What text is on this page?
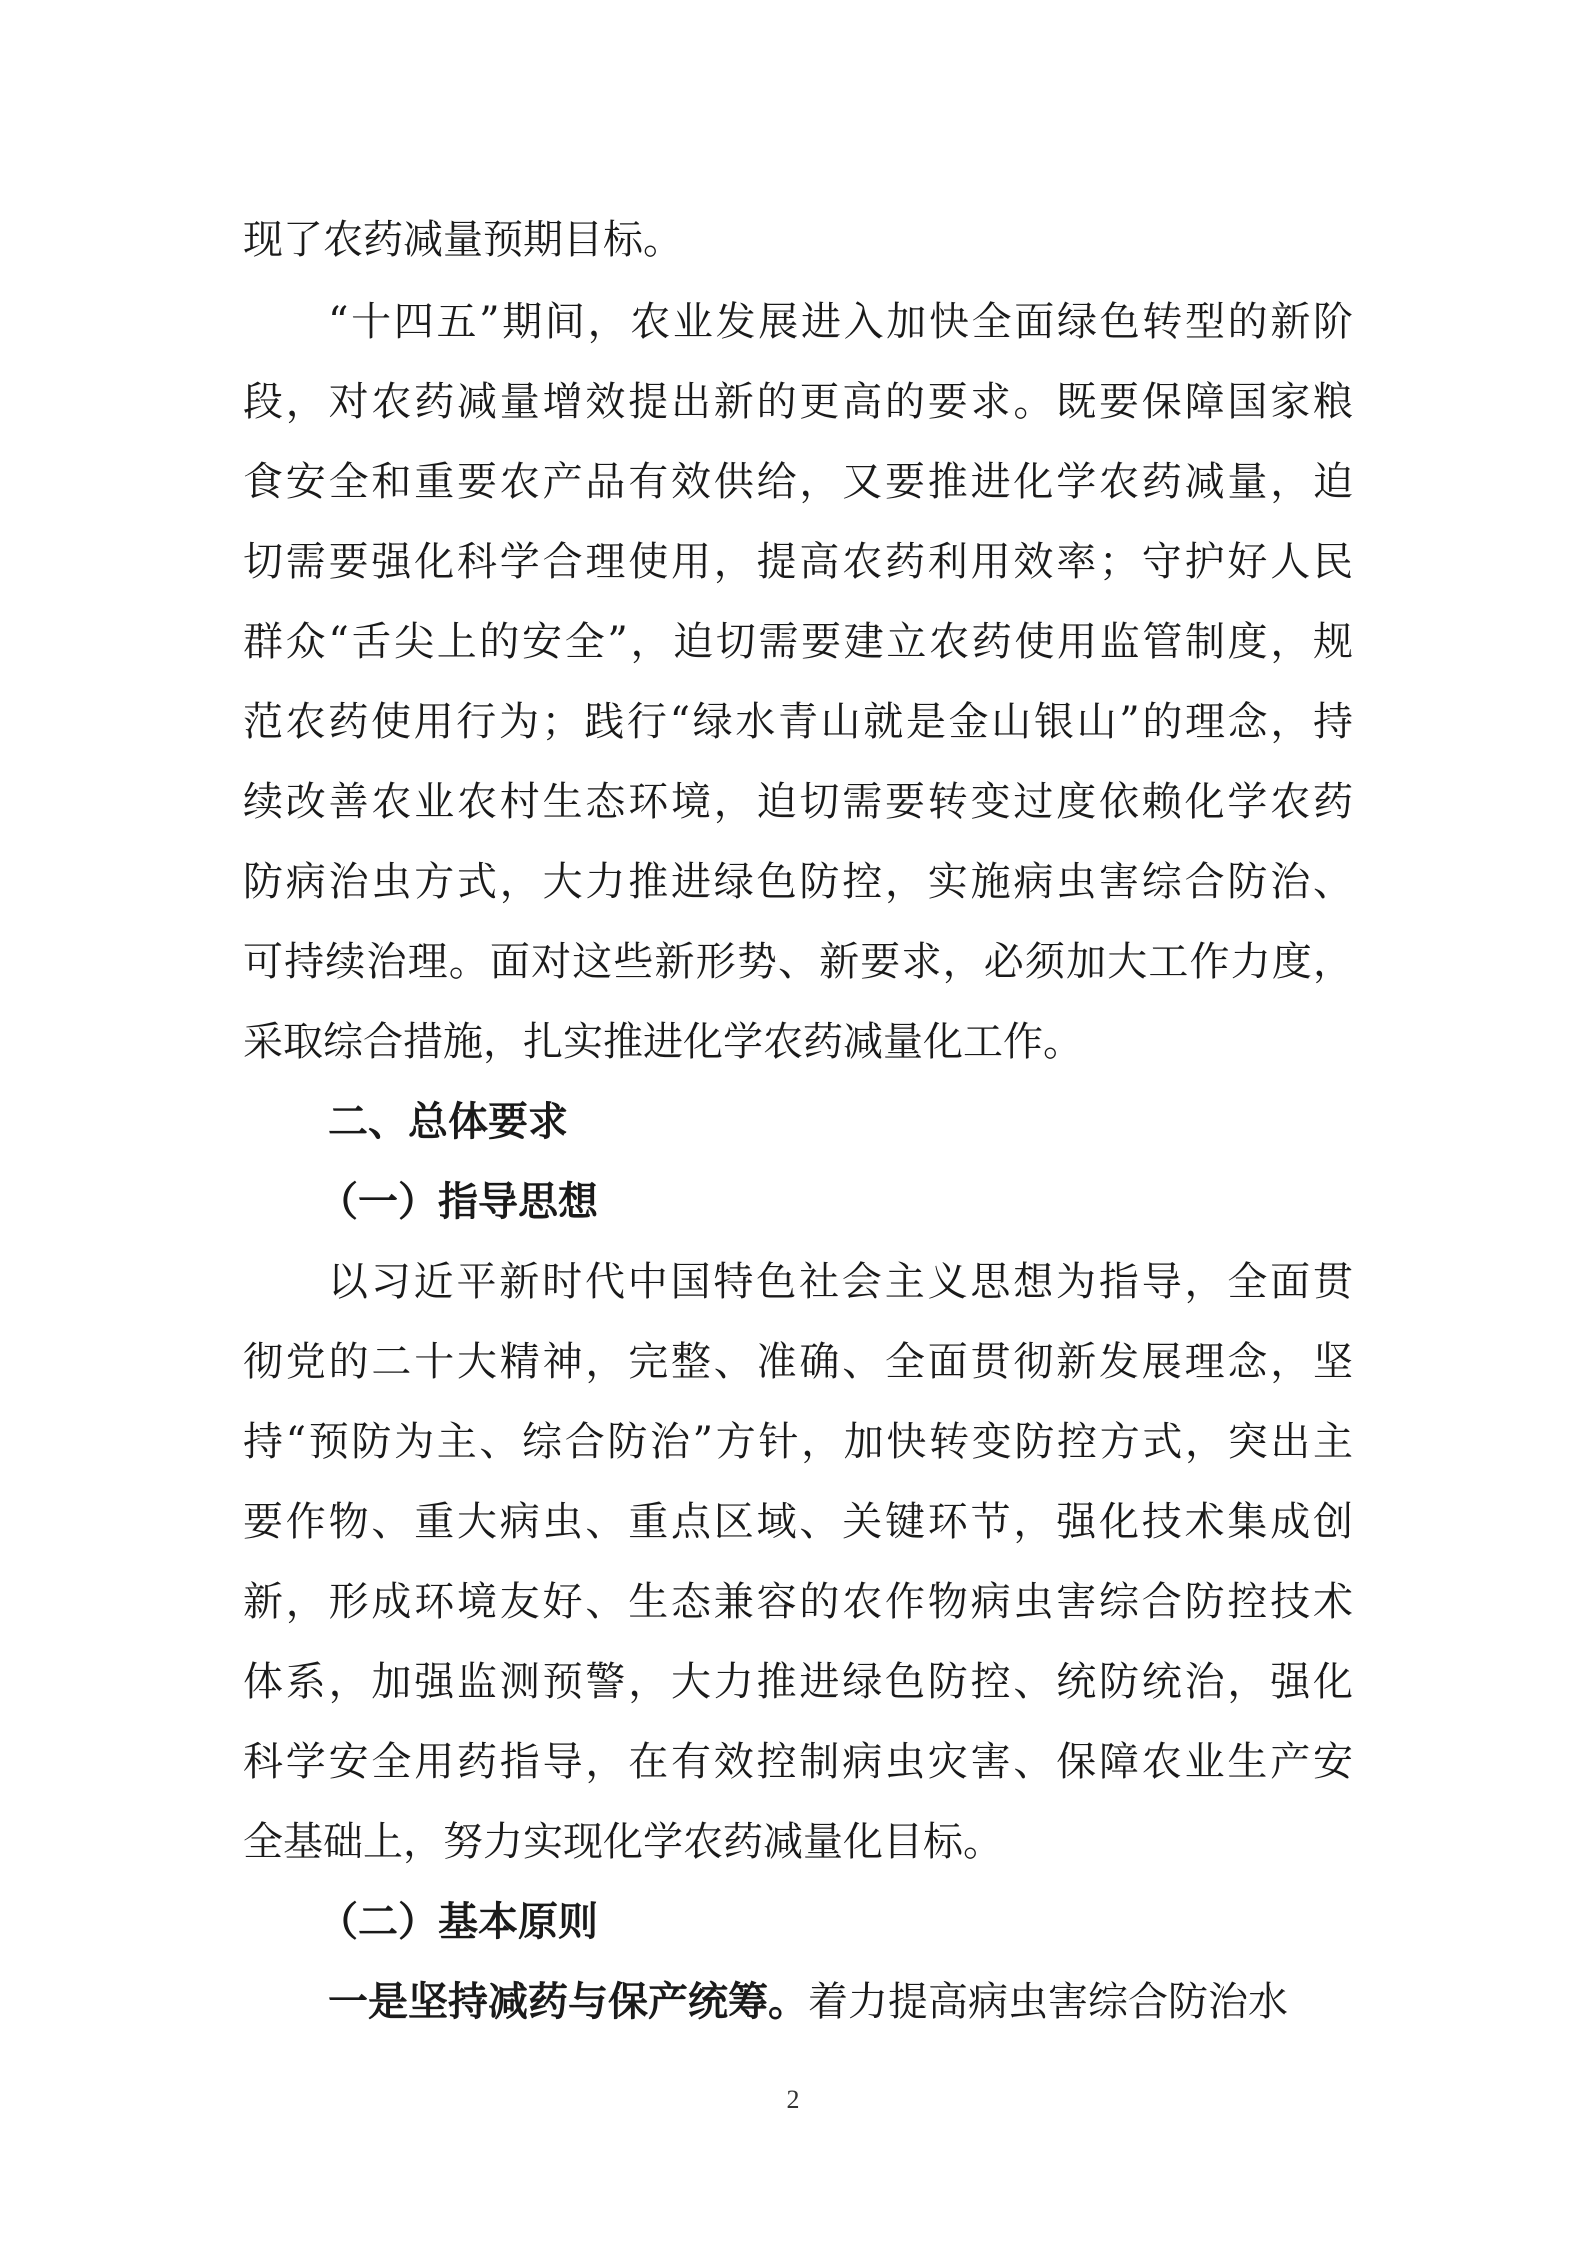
现了农药减量预期目标。
“十四五”期间，农业发展进入加快全面绿色转型的新阶
段，对农药减量增效提出新的更高的要求。既要保障国家粮
食安全和重要农产品有效供给，又要推进化学农药减量，迫
切需要强化科学合理使用，提高农药利用效率；守护好人民
群众“舌尖上的安全”，迫切需要建立农药使用监管制度，规
范农药使用行为；践行“绿水青山就是金山银山”的理念，持
续改善农业农村生态环境，迫切需要转变过度依赖化学农药
防病治虫方式，大力推进绿色防控，实施病虫害综合防治、
可持续治理。面对这些新形势、新要求，必须加大工作力度，
采取综合措施，扎实推进化学农药减量化工作。
二、总体要求
（一）指导思想
以习近平新时代中国特色社会主义思想为指导，全面贯
彻党的二十大精神，完整、准确、全面贯彻新发展理念，坚
持“预防为主、综合防治”方针，加快转变防控方式，突出主
要作物、重大病虫、重点区域、关键环节，强化技术集成创
新，形成环境友好、生态兼容的农作物病虫害综合防控技术
体系，加强监测预警，大力推进绿色防控、统防统治，强化
科学安全用药指导，在有效控制病虫灾害、保障农业生产安
全基础上，努力实现化学农药减量化目标。
（二）基本原则
一是坚持减药与保产统筹。着力提高病虫害综合防治水
2
